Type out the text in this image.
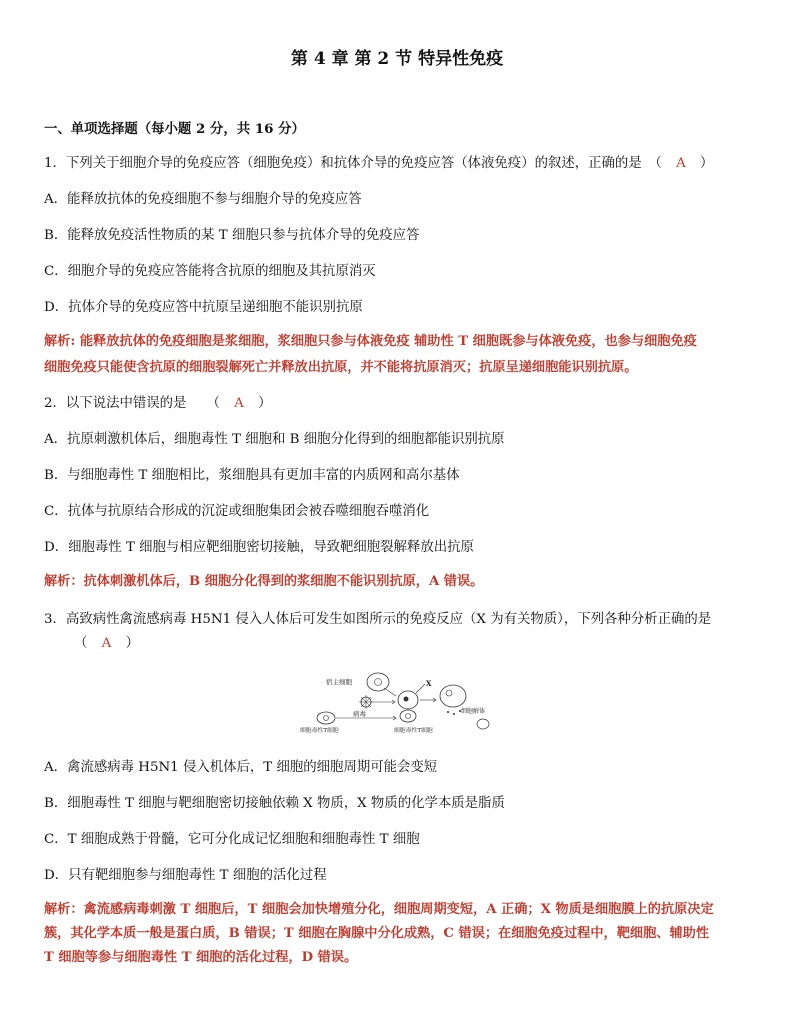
第 4 章 第 2 节 特异性免疫
一、单项选择题（每小题 2 分，共 16 分）
1．下列关于细胞介导的免疫应答（细胞免疫）和抗体介导的免疫应答（体液免疫）的叙述，正确的是　（ A ）
A．能释放抗体的免疫细胞不参与细胞介导的免疫应答
B．能释放免疫活性物质的某 T 细胞只参与抗体介导的免疫应答
C．细胞介导的免疫应答能将含抗原的细胞及其抗原消灭
D．抗体介导的免疫应答中抗原呈递细胞不能识别抗原
解析: 能释放抗体的免疫细胞是浆细胞，浆细胞只参与体液免疫 辅助性 T 细胞既参与体液免疫，也参与细胞免疫
细胞免疫只能使含抗原的细胞裂解死亡并释放出抗原，并不能将抗原消灭；抗原呈递细胞能识别抗原。
2．以下说法中错误的是　　（ A ）
A．抗原刺激机体后，细胞毒性 T 细胞和 B 细胞分化得到的细胞都能识别抗原
B．与细胞毒性 T 细胞相比，浆细胞具有更加丰富的内质网和高尔基体
C．抗体与抗原结合形成的沉淀或细胞集团会被吞噬细胞吞噬消化
D．细胞毒性 T 细胞与相应靶细胞密切接触，导致靶细胞裂解释放出抗原
解析：抗体刺激机体后，B 细胞分化得到的浆细胞不能识别抗原，A 错误。
3．高致病性禽流感病毒 H5N1 侵入人体后可发生如图所示的免疫反应（X 为有关物质），下列各种分析正确的是
（ A ）
宿主细胞
病毒
X
细胞毒性T细胞
细胞解体
细胞毒性T细胞
A．禽流感病毒 H5N1 侵入机体后，T 细胞的细胞周期可能会变短
B．细胞毒性 T 细胞与靶细胞密切接触依赖 X 物质，X 物质的化学本质是脂质
C．T 细胞成熟于骨髓，它可分化成记忆细胞和细胞毒性 T 细胞
D．只有靶细胞参与细胞毒性 T 细胞的活化过程
解析：禽流感病毒刺激 T 细胞后，T 细胞会加快增殖分化，细胞周期变短，A 正确；X 物质是细胞膜上的抗原决定
簇，其化学本质一般是蛋白质，B 错误；T 细胞在胸腺中分化成熟，C 错误；在细胞免疫过程中，靶细胞、辅助性
T 细胞等参与细胞毒性 T 细胞的活化过程，D 错误。
